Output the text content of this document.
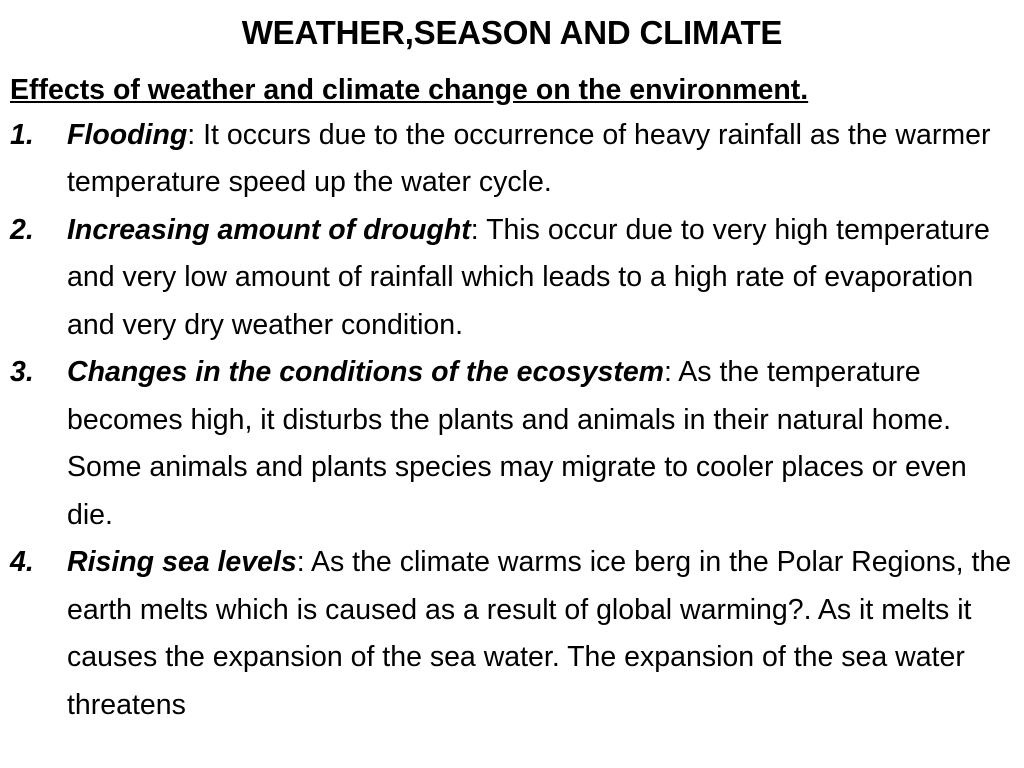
WEATHER,SEASON AND CLIMATE
Effects of weather and climate change on the environment.
1.	Flooding: It occurs due to the occurrence of heavy rainfall as the warmer temperature speed up the water cycle.
2.	Increasing amount of drought: This occur due to very high temperature and very low amount of rainfall which leads to a high rate of evaporation and very dry weather condition.
3.	Changes in the conditions of the ecosystem: As the temperature becomes high, it disturbs the plants and animals in their natural home. Some animals and plants species may migrate to cooler places or even die.
4.	Rising sea levels: As the climate warms ice berg in the Polar Regions, the earth melts which is caused as a result of global warming?. As it melts it causes the expansion of the sea water. The expansion of the sea water threatens
